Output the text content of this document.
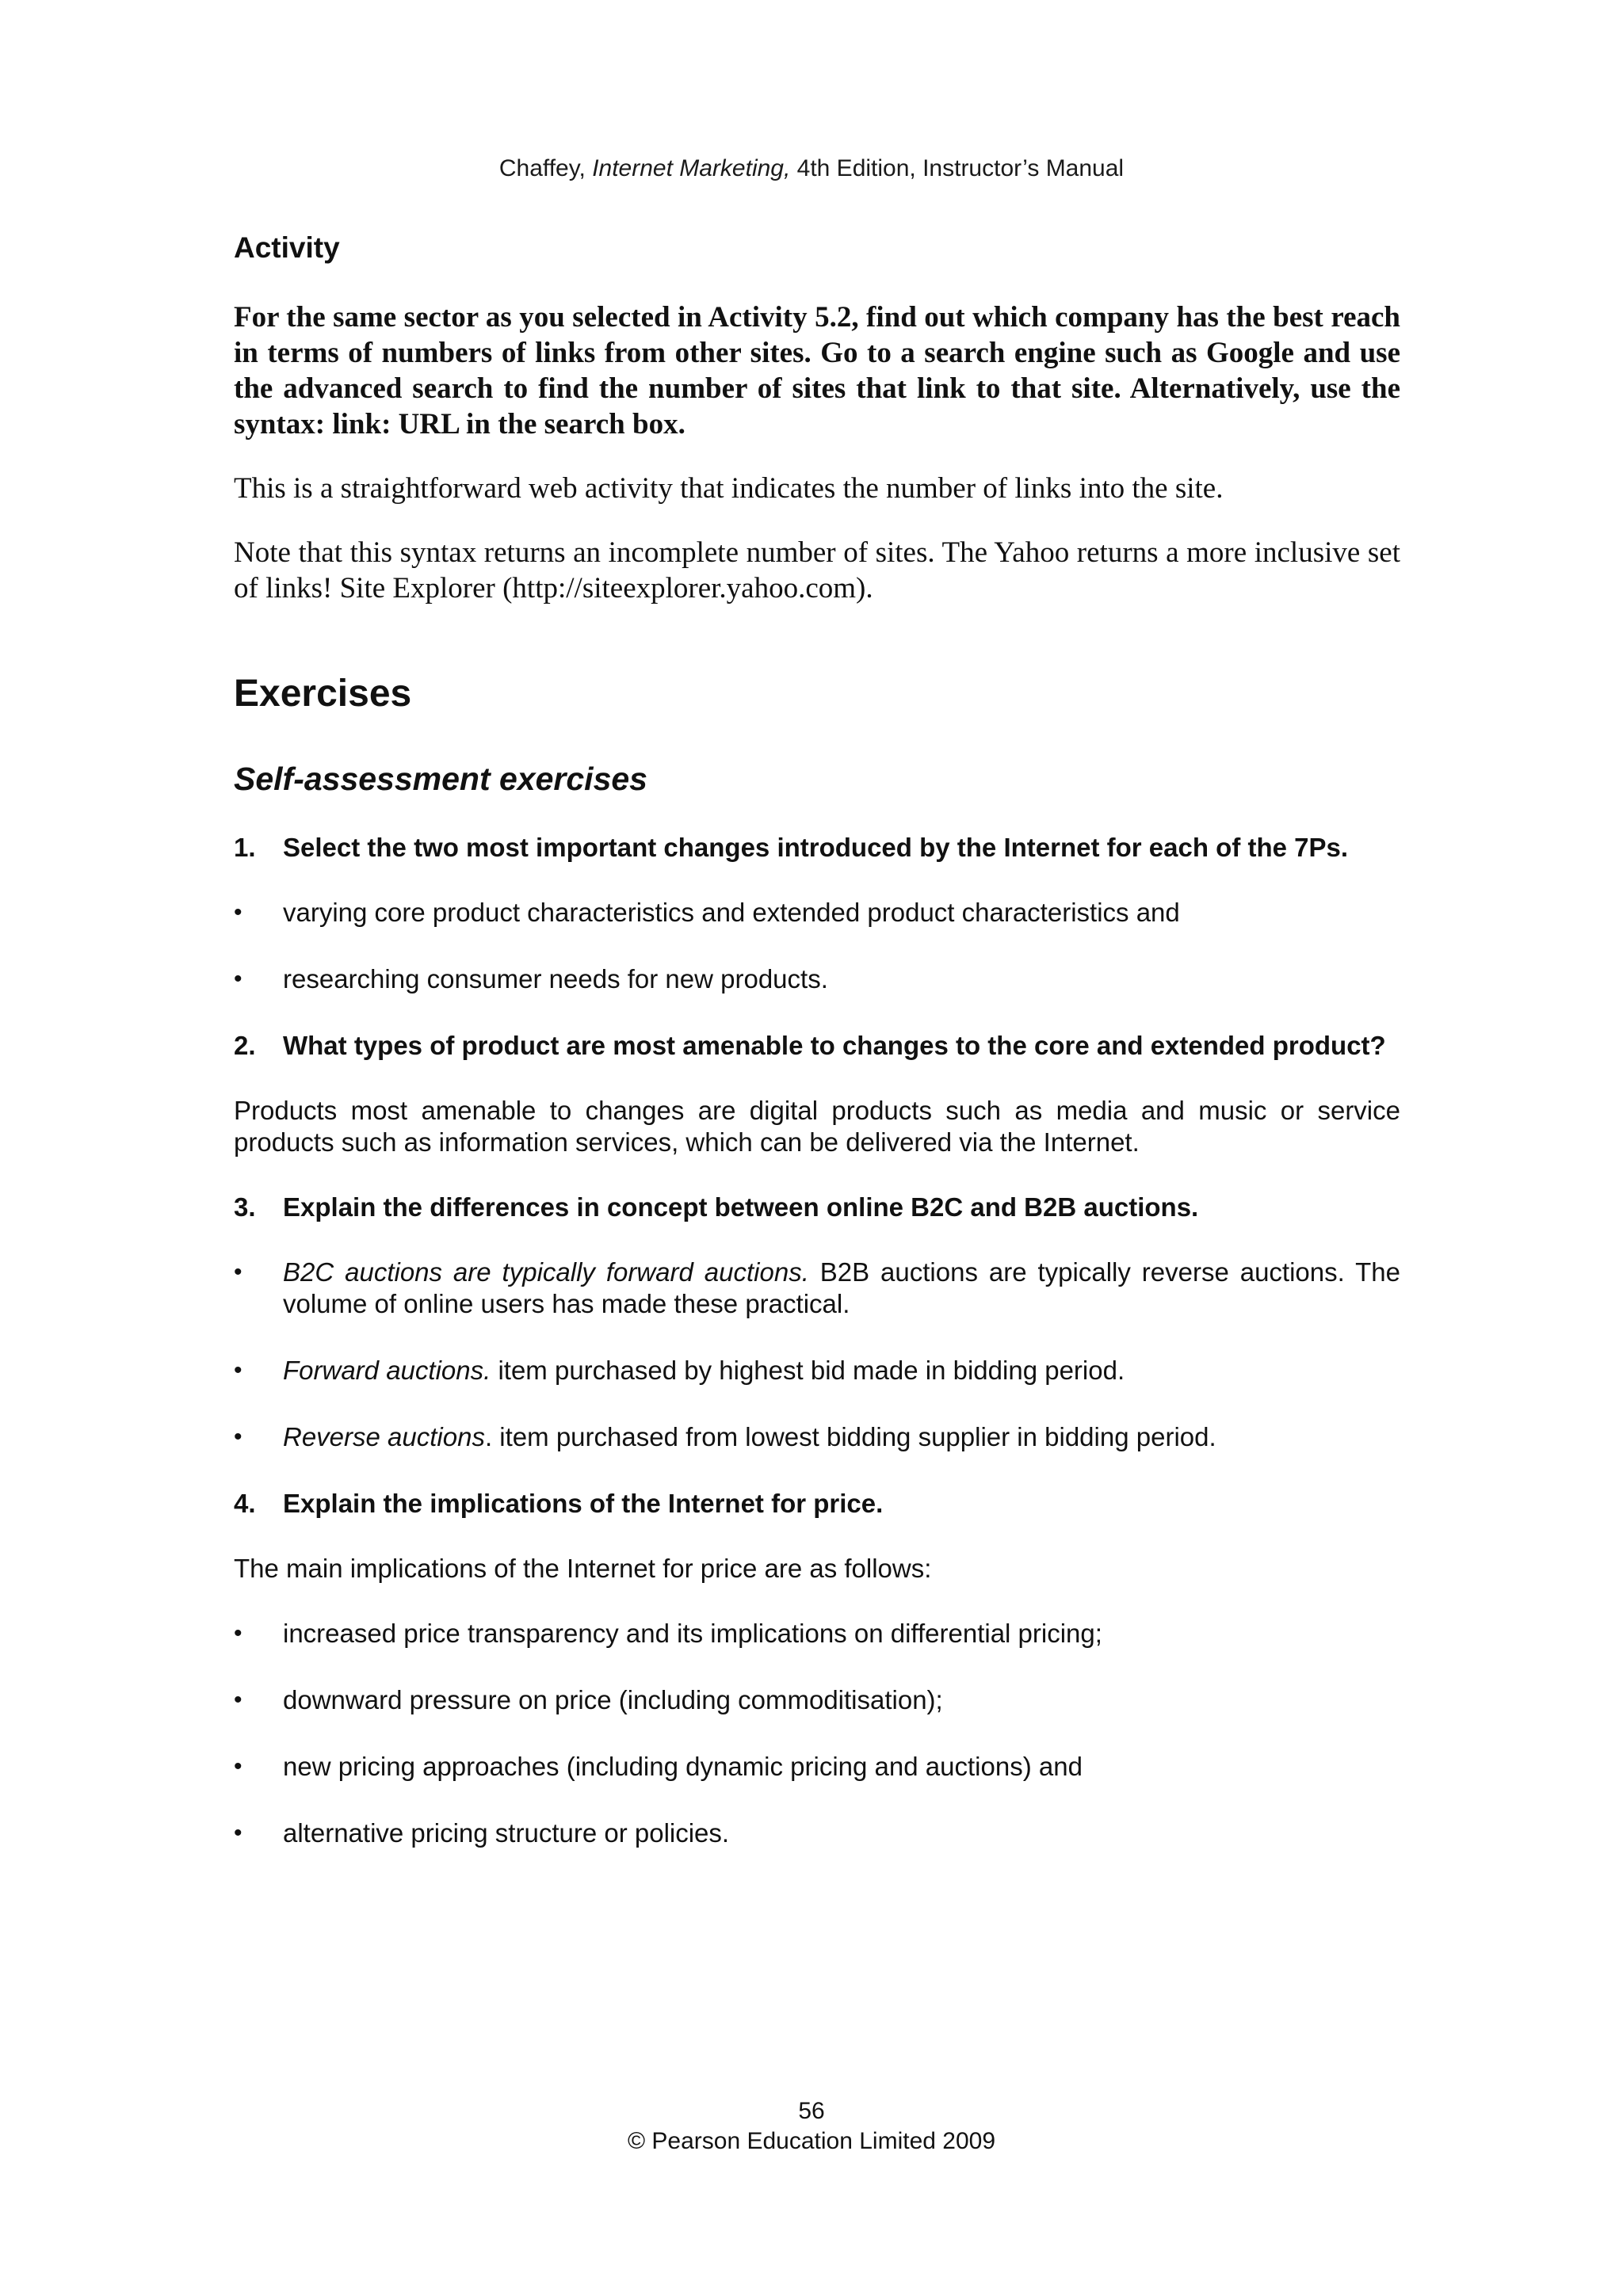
Chaffey, Internet Marketing, 4th Edition, Instructor’s Manual
Activity

For the same sector as you selected in Activity 5.2, find out which company has the best reach in terms of numbers of links from other sites. Go to a search engine such as Google and use the advanced search to find the number of sites that link to that site. Alternatively, use the syntax: link: URL in the search box.

This is a straightforward web activity that indicates the number of links into the site.

Note that this syntax returns an incomplete number of sites. The Yahoo returns a more inclusive set of links! Site Explorer (http://siteexplorer.yahoo.com).

Exercises
Self-assessment exercises
1. Select the two most important changes introduced by the Internet for each of the 7Ps.
• varying core product characteristics and extended product characteristics and
• researching consumer needs for new products.
2. What types of product are most amenable to changes to the core and extended product?

Products most amenable to changes are digital products such as media and music or service products such as information services, which can be delivered via the Internet.

3. Explain the differences in concept between online B2C and B2B auctions.
• B2C auctions are typically forward auctions. B2B auctions are typically reverse auctions. The volume of online users has made these practical.
• Forward auctions. item purchased by highest bid made in bidding period.
• Reverse auctions. item purchased from lowest bidding supplier in bidding period.
4. Explain the implications of the Internet for price.

The main implications of the Internet for price are as follows:

• increased price transparency and its implications on differential pricing;
• downward pressure on price (including commoditisation);
• new pricing approaches (including dynamic pricing and auctions) and
• alternative pricing structure or policies.
56
© Pearson Education Limited 2009
